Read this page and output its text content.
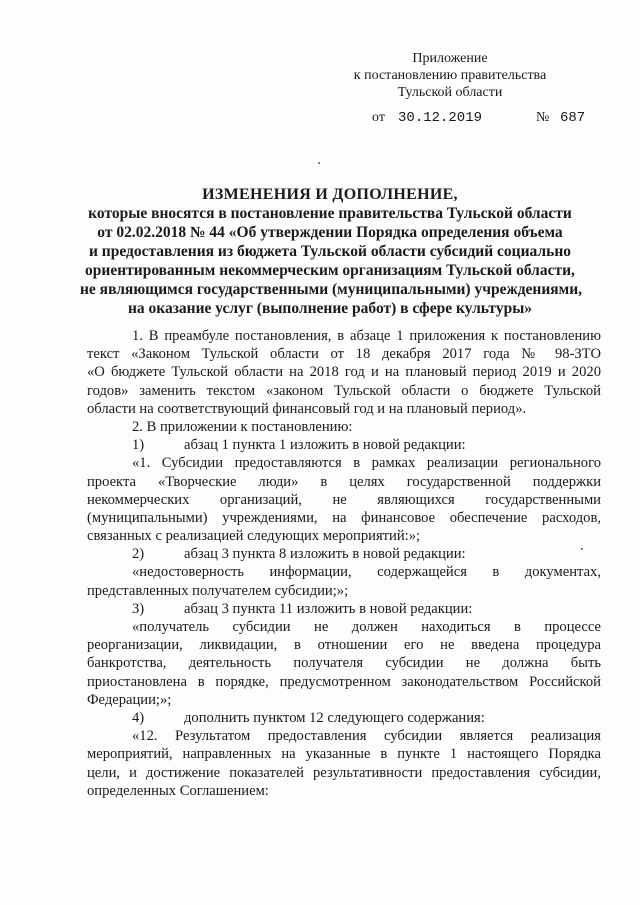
Приложение
к постановлению правительства
Тульской области
от 30.12.2019	№ 687
ИЗМЕНЕНИЯ И ДОПОЛНЕНИЕ,
которые вносятся в постановление правительства Тульской области
от 02.02.2018 № 44 «Об утверждении Порядка определения объема
и предоставления из бюджета Тульской области субсидий социально
ориентированным некоммерческим организациям Тульской области,
не являющимся государственными (муниципальными) учреждениями,
на оказание услуг (выполнение работ) в сфере культуры»
1. В преамбуле постановления, в абзаце 1 приложения к постановлению
текст «Законом Тульской области от 18 декабря 2017 года № 98-ЗТО
«О бюджете Тульской области на 2018 год и на плановый период 2019 и 2020
годов» заменить текстом «законом Тульской области о бюджете Тульской
области на соответствующий финансовый год и на плановый период».
2. В приложении к постановлению:
1)	абзац 1 пункта 1 изложить в новой редакции:
«1. Субсидии предоставляются в рамках реализации регионального
проекта «Творческие люди» в целях государственной поддержки
некоммерческих организаций, не являющихся государственными
(муниципальными) учреждениями, на финансовое обеспечение расходов,
связанных с реализацией следующих мероприятий:»;
2)	абзац 3 пункта 8 изложить в новой редакции:
«недостоверность информации, содержащейся в документах,
представленных получателем субсидии;»;
3)	абзац 3 пункта 11 изложить в новой редакции:
«получатель субсидии не должен находиться в процессе
реорганизации, ликвидации, в отношении его не введена процедура
банкротства, деятельность получателя субсидии не должна быть
приостановлена в порядке, предусмотренном законодательством Российской
Федерации;»;
4)	дополнить пунктом 12 следующего содержания:
«12. Результатом предоставления субсидии является реализация
мероприятий, направленных на указанные в пункте 1 настоящего Порядка
цели, и достижение показателей результативности предоставления субсидии,
определенных Соглашением:
